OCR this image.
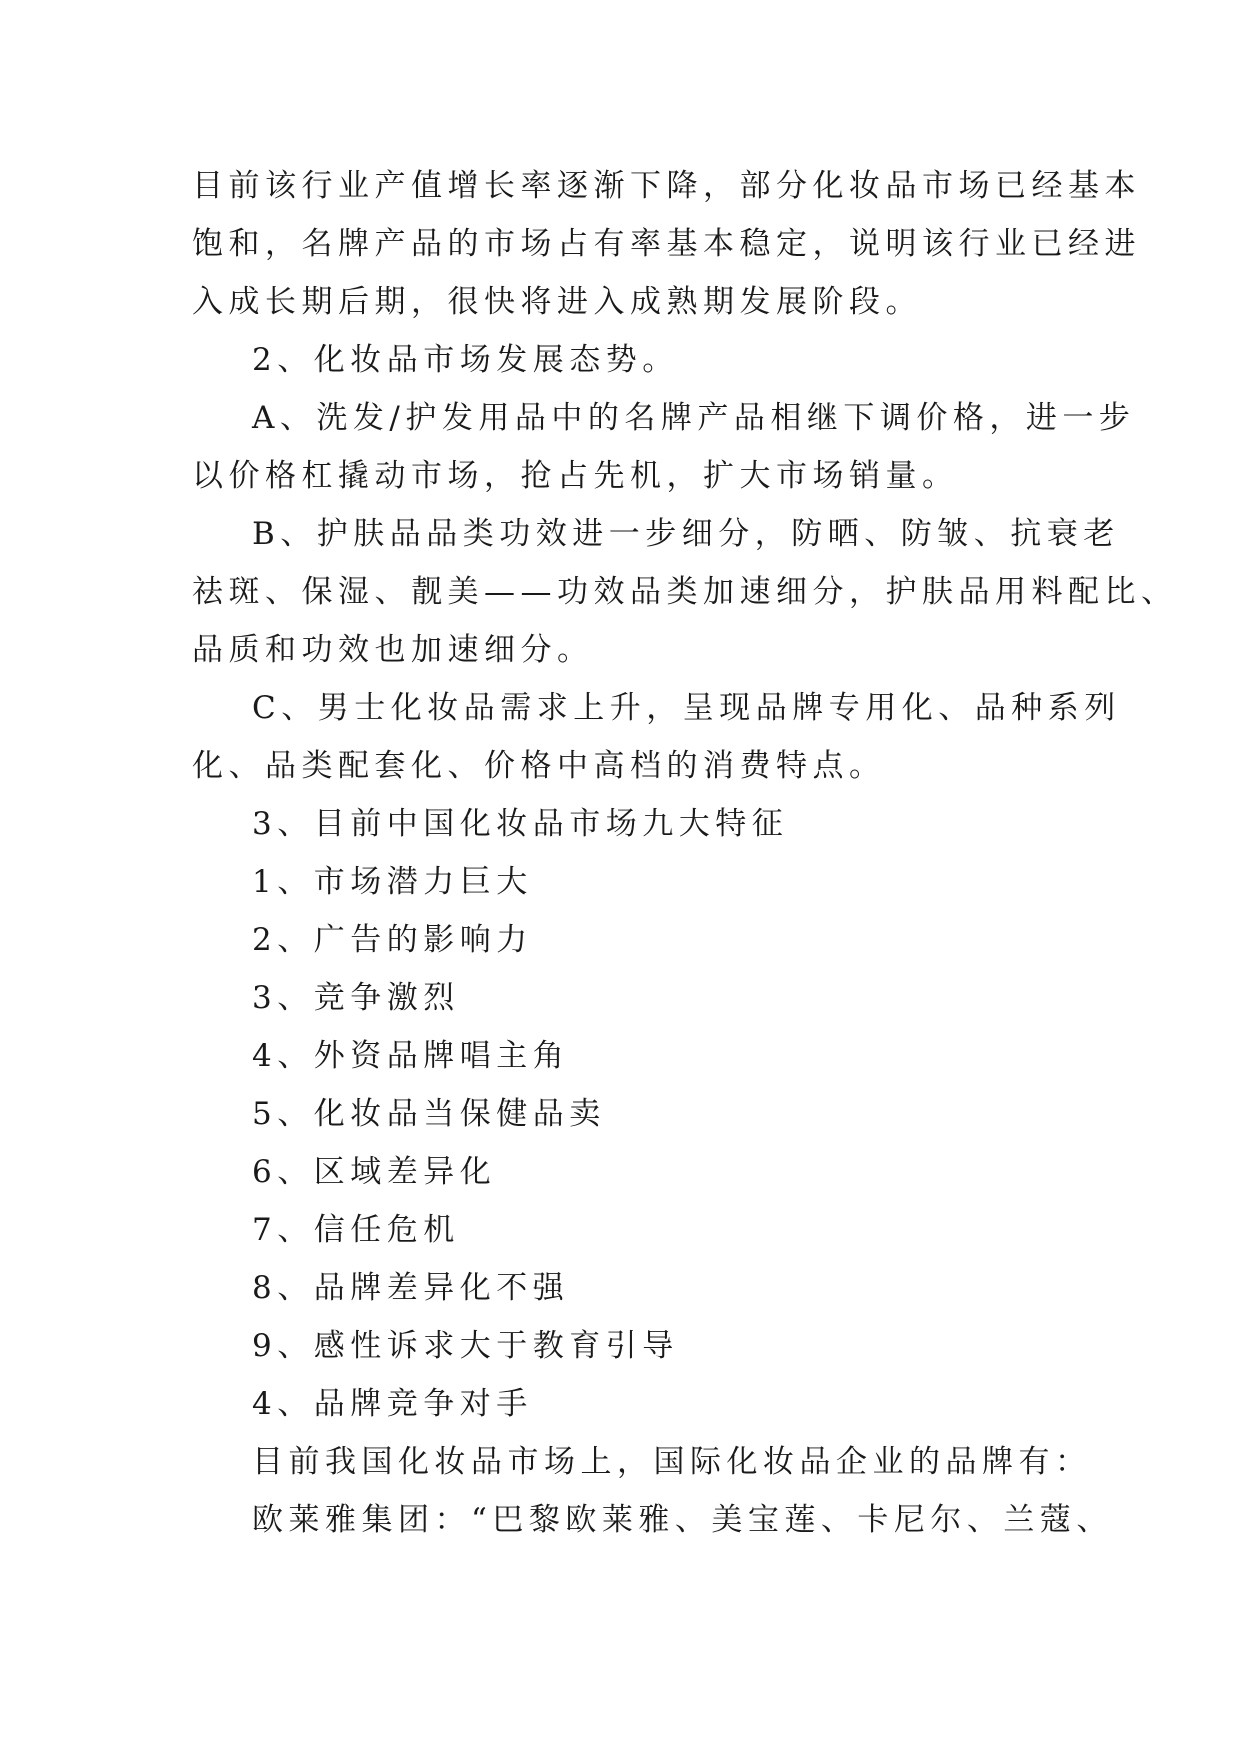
目前该行业产值增长率逐渐下降，部分化妆品市场已经基本
饱和，名牌产品的市场占有率基本稳定，说明该行业已经进
入成长期后期，很快将进入成熟期发展阶段。
2、化妆品市场发展态势。
A、洗发/护发用品中的名牌产品相继下调价格，进一步
以价格杠撬动市场，抢占先机，扩大市场销量。
B、护肤品品类功效进一步细分，防晒、防皱、抗衰老
祛斑、保湿、靓美——功效品类加速细分，护肤品用料配比、
品质和功效也加速细分。
C、男士化妆品需求上升，呈现品牌专用化、品种系列
化、品类配套化、价格中高档的消费特点。
3、目前中国化妆品市场九大特征
1、市场潜力巨大
2、广告的影响力
3、竞争激烈
4、外资品牌唱主角
5、化妆品当保健品卖
6、区域差异化
7、信任危机
8、品牌差异化不强
9、感性诉求大于教育引导
4、品牌竞争对手
目前我国化妆品市场上，国际化妆品企业的品牌有：
欧莱雅集团：“巴黎欧莱雅、美宝莲、卡尼尔、兰蔻、
